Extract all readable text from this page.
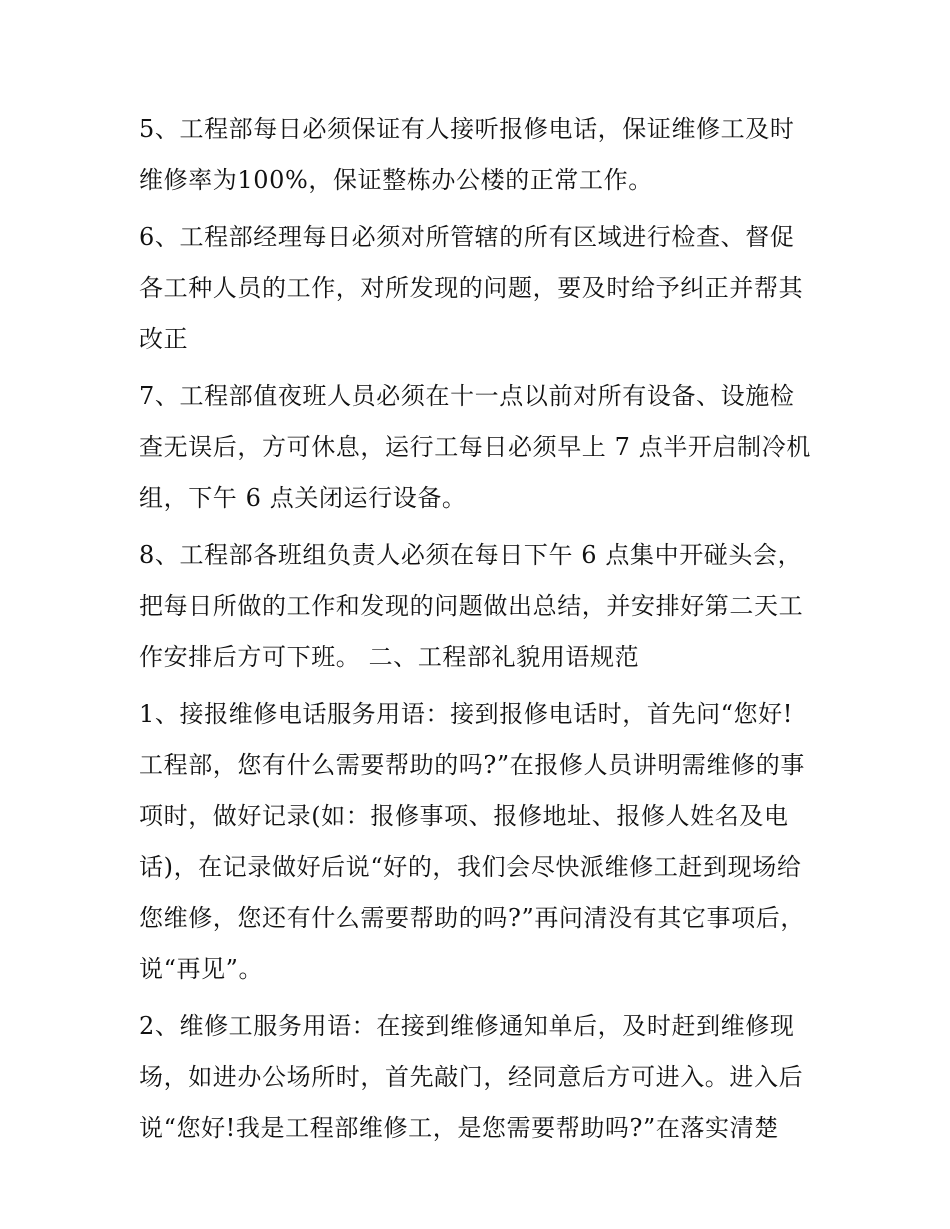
5、工程部每日必须保证有人接听报修电话，保证维修工及时
维修率为100%，保证整栋办公楼的正常工作。
6、工程部经理每日必须对所管辖的所有区域进行检查、督促
各工种人员的工作，对所发现的问题，要及时给予纠正并帮其
改正
7、工程部值夜班人员必须在十一点以前对所有设备、设施检
查无误后，方可休息，运行工每日必须早上 7 点半开启制冷机
组，下午 6 点关闭运行设备。
8、工程部各班组负责人必须在每日下午 6 点集中开碰头会，
把每日所做的工作和发现的问题做出总结，并安排好第二天工
作安排后方可下班。 二、工程部礼貌用语规范
1、接报维修电话服务用语：接到报修电话时，首先问“您好!
工程部，您有什么需要帮助的吗?”在报修人员讲明需维修的事
项时，做好记录(如：报修事项、报修地址、报修人姓名及电
话)，在记录做好后说“好的，我们会尽快派维修工赶到现场给
您维修，您还有什么需要帮助的吗?”再问清没有其它事项后，
说“再见”。
2、维修工服务用语：在接到维修通知单后，及时赶到维修现
场，如进办公场所时，首先敲门，经同意后方可进入。进入后
说“您好!我是工程部维修工，是您需要帮助吗?”在落实清楚
